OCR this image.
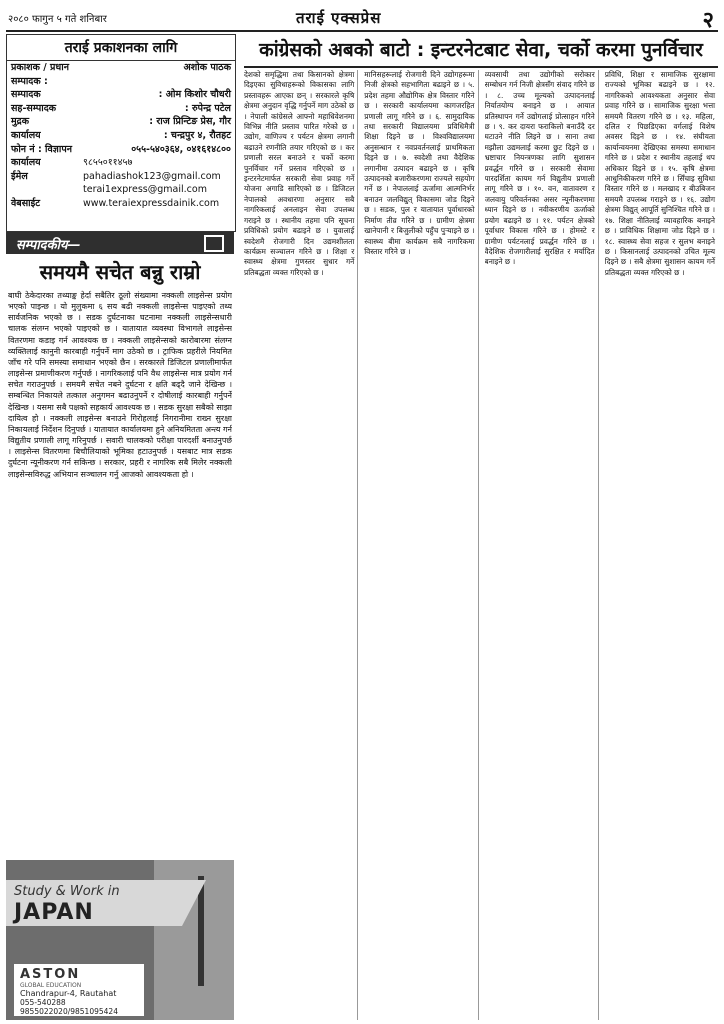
२०८० फागुन ५ गते शनिबार	तराई एक्सप्रेस	२
तराई प्रकाशनका लागि
प्रकाशक / प्रधान सम्पादक :
अशोक पाठक
सम्पादक	: ओम किशोर चौधरी
सह-सम्पादक	: रुपेन्द्र पटेल
मुद्रक	: राज प्रिन्टिङ प्रेस, गौर
कार्यालय	: चन्द्रपुर ४, रौतहट
फोन नं : विज्ञापन	०५५-५४०३६४, ०४१६१४८००
कार्यालय	९८५५०११४५७
ईमेल	pahadiashok123@gmail.com
terai1express@gmail.com
वेबसाईट	www.teraiexpressdainik.com
सम्पादकीय—
समयमै सचेत बन्नु राम्रो
बाघी ठेकेदारका तथ्याङ्क हेर्दा सबैतिर ठूलो संख्यामा नक्कली लाइसेन्स प्रयोग भएको पाइन्छ । यो मुलुकमा ६ सय बढी नक्कली लाइसेन्स पाइएको तथ्य सार्वजनिक भएको छ । सडक दुर्घटनाका घटनामा नक्कली लाइसेन्सधारी चालक संलग्न भएको पाइएको छ । यातायात व्यवस्था विभागले लाइसेन्स वितरणमा कडाइ गर्न आवश्यक छ । नक्कली लाइसेन्सको कारोबारमा संलग्न व्यक्तिलाई कानुनी कारबाही गर्नुपर्ने माग उठेको छ । ट्राफिक प्रहरीले नियमित जाँच गरे पनि समस्या समाधान भएको छैन । सरकारले डिजिटल प्रणालीमार्फत लाइसेन्स प्रमाणीकरण गर्नुपर्छ । नागरिकलाई पनि वैध लाइसेन्स मात्र प्रयोग गर्न सचेत गराउनुपर्छ । समयमै सचेत नबने दुर्घटना र क्षति बढ्दै जाने देखिन्छ । सम्बन्धित निकायले तत्काल अनुगमन बढाउनुपर्ने र दोषीलाई कारबाही गर्नुपर्ने देखिन्छ । यसमा सबै पक्षको सहकार्य आवश्यक छ । सडक सुरक्षा सबैको साझा दायित्व हो । नक्कली लाइसेन्स बनाउने गिरोहलाई निगरानीमा राख्न सुरक्षा निकायलाई निर्देशन दिनुपर्छ । यातायात कार्यालयमा हुने अनियमितता अन्त्य गर्न विद्युतीय प्रणाली लागू गरिनुपर्छ । सवारी चालकको परीक्षा पारदर्शी बनाउनुपर्छ । लाइसेन्स वितरणमा बिचौलियाको भूमिका हटाउनुपर्छ । यसबाट मात्र सडक दुर्घटना न्यूनीकरण गर्न सकिन्छ । सरकार, प्रहरी र नागरिक सबै मिलेर नक्कली लाइसेन्सविरुद्ध अभियान सञ्चालन गर्नु आजको आवश्यकता हो ।
Study & Work in
JAPAN
ASTON
GLOBAL EDUCATION
Chandrapur-4, Rautahat
055-540288
9855022020/9851095424
कांग्रेसको अबको बाटो : इन्टरनेटबाट सेवा, चर्को करमा पुनर्विचार

देशको समृद्धिमा तथा किसानको क्षेत्रमा दिइएका सुविधाहरूको विकासका लागि प्रस्तावहरू आएका छन् । सरकारले कृषि क्षेत्रमा अनुदान वृद्धि गर्नुपर्ने माग उठेको छ । नेपाली कांग्रेसले आफ्नो महाधिवेशनमा विभिन्न नीति प्रस्ताव पारित गरेको छ । उद्योग, वाणिज्य र पर्यटन क्षेत्रमा लगानी बढाउने रणनीति तयार गरिएको छ । कर प्रणाली सरल बनाउने र चर्को करमा पुनर्विचार गर्ने प्रस्ताव गरिएको छ । इन्टरनेटमार्फत सरकारी सेवा प्रवाह गर्ने योजना अगाडि सारिएको छ । डिजिटल नेपालको अवधारणा अनुसार सबै नागरिकलाई अनलाइन सेवा उपलब्ध गराइने छ । स्थानीय तहमा पनि सूचना प्रविधिको प्रयोग बढाइने छ । युवालाई स्वदेशमै रोजगारी दिन उद्यमशीलता कार्यक्रम सञ्चालन गरिने छ । शिक्षा र स्वास्थ्य क्षेत्रमा गुणस्तर सुधार गर्ने प्रतिबद्धता व्यक्त गरिएको छ ।

मानिसहरूलाई रोजगारी दिने उद्योगहरूमा निजी क्षेत्रको सहभागिता बढाइने छ । ५. प्रदेश तहमा औद्योगिक क्षेत्र विस्तार गरिने छ । सरकारी कार्यालयमा कागजरहित प्रणाली लागू गरिने छ । ६. सामुदायिक तथा सरकारी विद्यालयमा प्रविधिमैत्री शिक्षा दिइने छ । विश्वविद्यालयमा अनुसन्धान र नवप्रवर्तनलाई प्राथमिकता दिइने छ । ७. स्वदेशी तथा वैदेशिक लगानीमा उत्पादन बढाइने छ । कृषि उत्पादनको बजारीकरणमा राज्यले सहयोग गर्ने छ । नेपाललाई ऊर्जामा आत्मनिर्भर बनाउन जलविद्युत् विकासमा जोड दिइने छ । सडक, पुल र यातायात पूर्वाधारको निर्माण तीव्र गरिने छ । ग्रामीण क्षेत्रमा खानेपानी र बिजुलीको पहुँच पुर्‍याइने छ । स्वास्थ्य बीमा कार्यक्रम सबै नागरिकमा विस्तार गरिने छ ।

व्यवसायी तथा उद्योगीको सरोकार सम्बोधन गर्न निजी क्षेत्रसँग संवाद गरिने छ । ८. उच्च मूल्यको उत्पादनलाई निर्यातयोग्य बनाइने छ । आयात प्रतिस्थापन गर्ने उद्योगलाई प्रोत्साहन गरिने छ । ९. कर दायरा फराकिलो बनाउँदै दर घटाउने नीति लिइने छ । साना तथा मझौला उद्यमलाई करमा छुट दिइने छ । भ्रष्टाचार नियन्त्रणका लागि सुशासन प्रवर्द्धन गरिने छ । सरकारी सेवामा पारदर्शिता कायम गर्न विद्युतीय प्रणाली लागू गरिने छ । १०. वन, वातावरण र जलवायु परिवर्तनका असर न्यूनीकरणमा ध्यान दिइने छ । नवीकरणीय ऊर्जाको प्रयोग बढाइने छ । ११. पर्यटन क्षेत्रको पूर्वाधार विकास गरिने छ । होमस्टे र ग्रामीण पर्यटनलाई प्रवर्द्धन गरिने छ । वैदेशिक रोजगारीलाई सुरक्षित र मर्यादित बनाइने छ ।

प्रविधि, शिक्षा र सामाजिक सुरक्षामा राज्यको भूमिका बढाइने छ । १२. नागरिकको आवश्यकता अनुसार सेवा प्रवाह गरिने छ । सामाजिक सुरक्षा भत्ता समयमै वितरण गरिने छ । १३. महिला, दलित र पिछडिएका वर्गलाई विशेष अवसर दिइने छ । १४. संघीयता कार्यान्वयनमा देखिएका समस्या समाधान गरिने छ । प्रदेश र स्थानीय तहलाई थप अधिकार दिइने छ । १५. कृषि क्षेत्रमा आधुनिकीकरण गरिने छ । सिँचाइ सुविधा विस्तार गरिने छ । मलखाद र बीउबिजन समयमै उपलब्ध गराइने छ । १६. उद्योग क्षेत्रमा विद्युत् आपूर्ति सुनिश्चित गरिने छ । १७. शिक्षा नीतिलाई व्यावहारिक बनाइने छ । प्राविधिक शिक्षामा जोड दिइने छ । १८. स्वास्थ्य सेवा सहज र सुलभ बनाइने छ । किसानलाई उत्पादनको उचित मूल्य दिइने छ । सबै क्षेत्रमा सुशासन कायम गर्ने प्रतिबद्धता व्यक्त गरिएको छ ।
